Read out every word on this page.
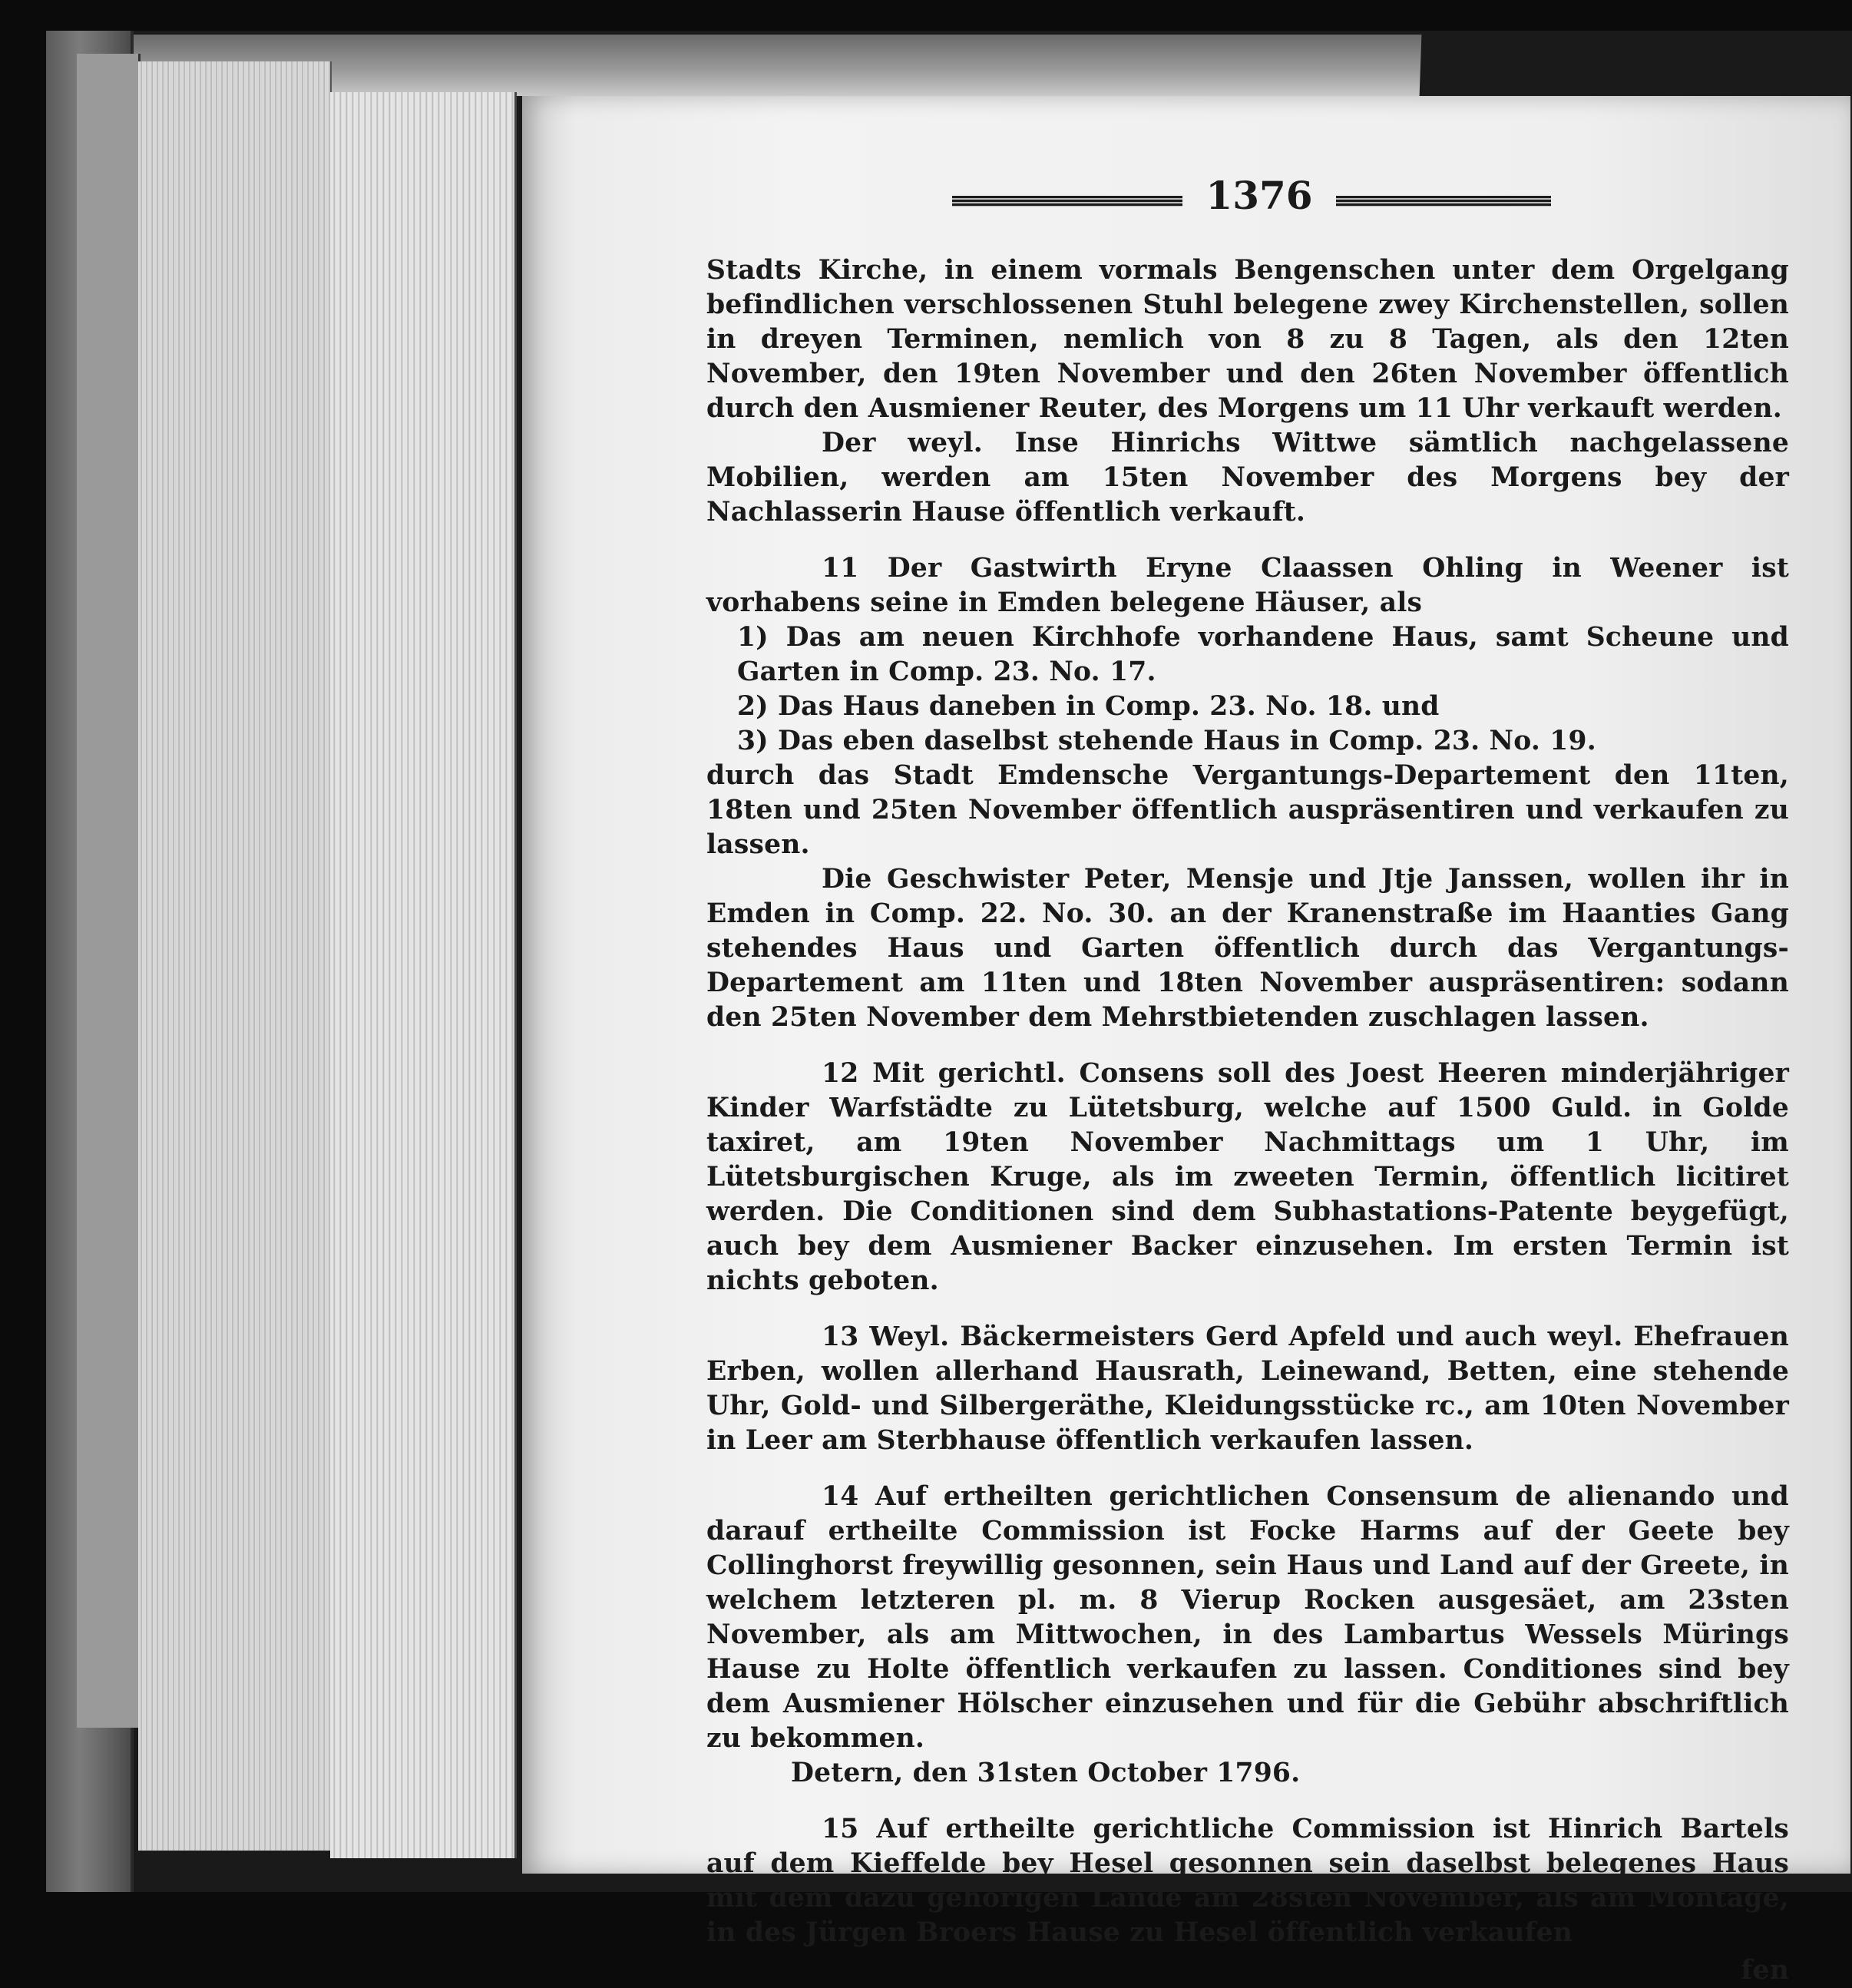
1376

Stadts Kirche, in einem vormals Bengenschen unter dem Orgelgang befindlichen verschlossenen Stuhl belegene zwey Kirchenstellen, sollen in dreyen Terminen, nemlich von 8 zu 8 Tagen, als den 12ten November, den 19ten November und den 26ten November öffentlich durch den Ausmiener Reuter, des Morgens um 11 Uhr verkauft werden.

Der weyl. Inse Hinrichs Wittwe sämtlich nachgelassene Mobilien, werden am 15ten November des Morgens bey der Nachlasserin Hause öffentlich verkauft.

11 Der Gastwirth Eryne Claassen Ohling in Weener ist vorhabens seine in Emden belegene Häuser, als

1) Das am neuen Kirchhofe vorhandene Haus, samt Scheune und Garten in Comp. 23. No. 17.

2) Das Haus daneben in Comp. 23. No. 18. und

3) Das eben daselbst stehende Haus in Comp. 23. No. 19.

durch das Stadt Emdensche Vergantungs-Departement den 11ten, 18ten und 25ten November öffentlich auspräsentiren und verkaufen zu lassen.

Die Geschwister Peter, Mensje und Jtje Janssen, wollen ihr in Emden in Comp. 22. No. 30. an der Kranenstraße im Haanties Gang stehendes Haus und Garten öffentlich durch das Vergantungs-Departement am 11ten und 18ten November auspräsentiren: sodann den 25ten November dem Mehrstbietenden zuschlagen lassen.

12 Mit gerichtl. Consens soll des Joest Heeren minderjähriger Kinder Warfstädte zu Lütetsburg, welche auf 1500 Guld. in Golde taxiret, am 19ten November Nachmittags um 1 Uhr, im Lütetsburgischen Kruge, als im zweeten Termin, öffentlich licitiret werden. Die Conditionen sind dem Subhastations-Patente beygefügt, auch bey dem Ausmiener Backer einzusehen. Im ersten Termin ist nichts geboten.

13 Weyl. Bäckermeisters Gerd Apfeld und auch weyl. Ehefrauen Erben, wollen allerhand Hausrath, Leinewand, Betten, eine stehende Uhr, Gold- und Silbergeräthe, Kleidungsstücke rc., am 10ten November in Leer am Sterbhause öffentlich verkaufen lassen.

14 Auf ertheilten gerichtlichen Consensum de alienando und darauf ertheilte Commission ist Focke Harms auf der Geete bey Collinghorst freywillig gesonnen, sein Haus und Land auf der Greete, in welchem letzteren pl. m. 8 Vierup Rocken ausgesäet, am 23sten November, als am Mittwochen, in des Lambartus Wessels Mürings Hause zu Holte öffentlich verkaufen zu lassen. Conditiones sind bey dem Ausmiener Hölscher einzusehen und für die Gebühr abschriftlich zu bekommen.

Detern, den 31sten October 1796.

15 Auf ertheilte gerichtliche Commission ist Hinrich Bartels auf dem Kieffelde bey Hesel gesonnen sein daselbst belegenes Haus mit dem dazu gehörigen Lande am 28sten November, als am Montage, in des Jürgen Broers Hause zu Hesel öffentlich verkaufen

fen
